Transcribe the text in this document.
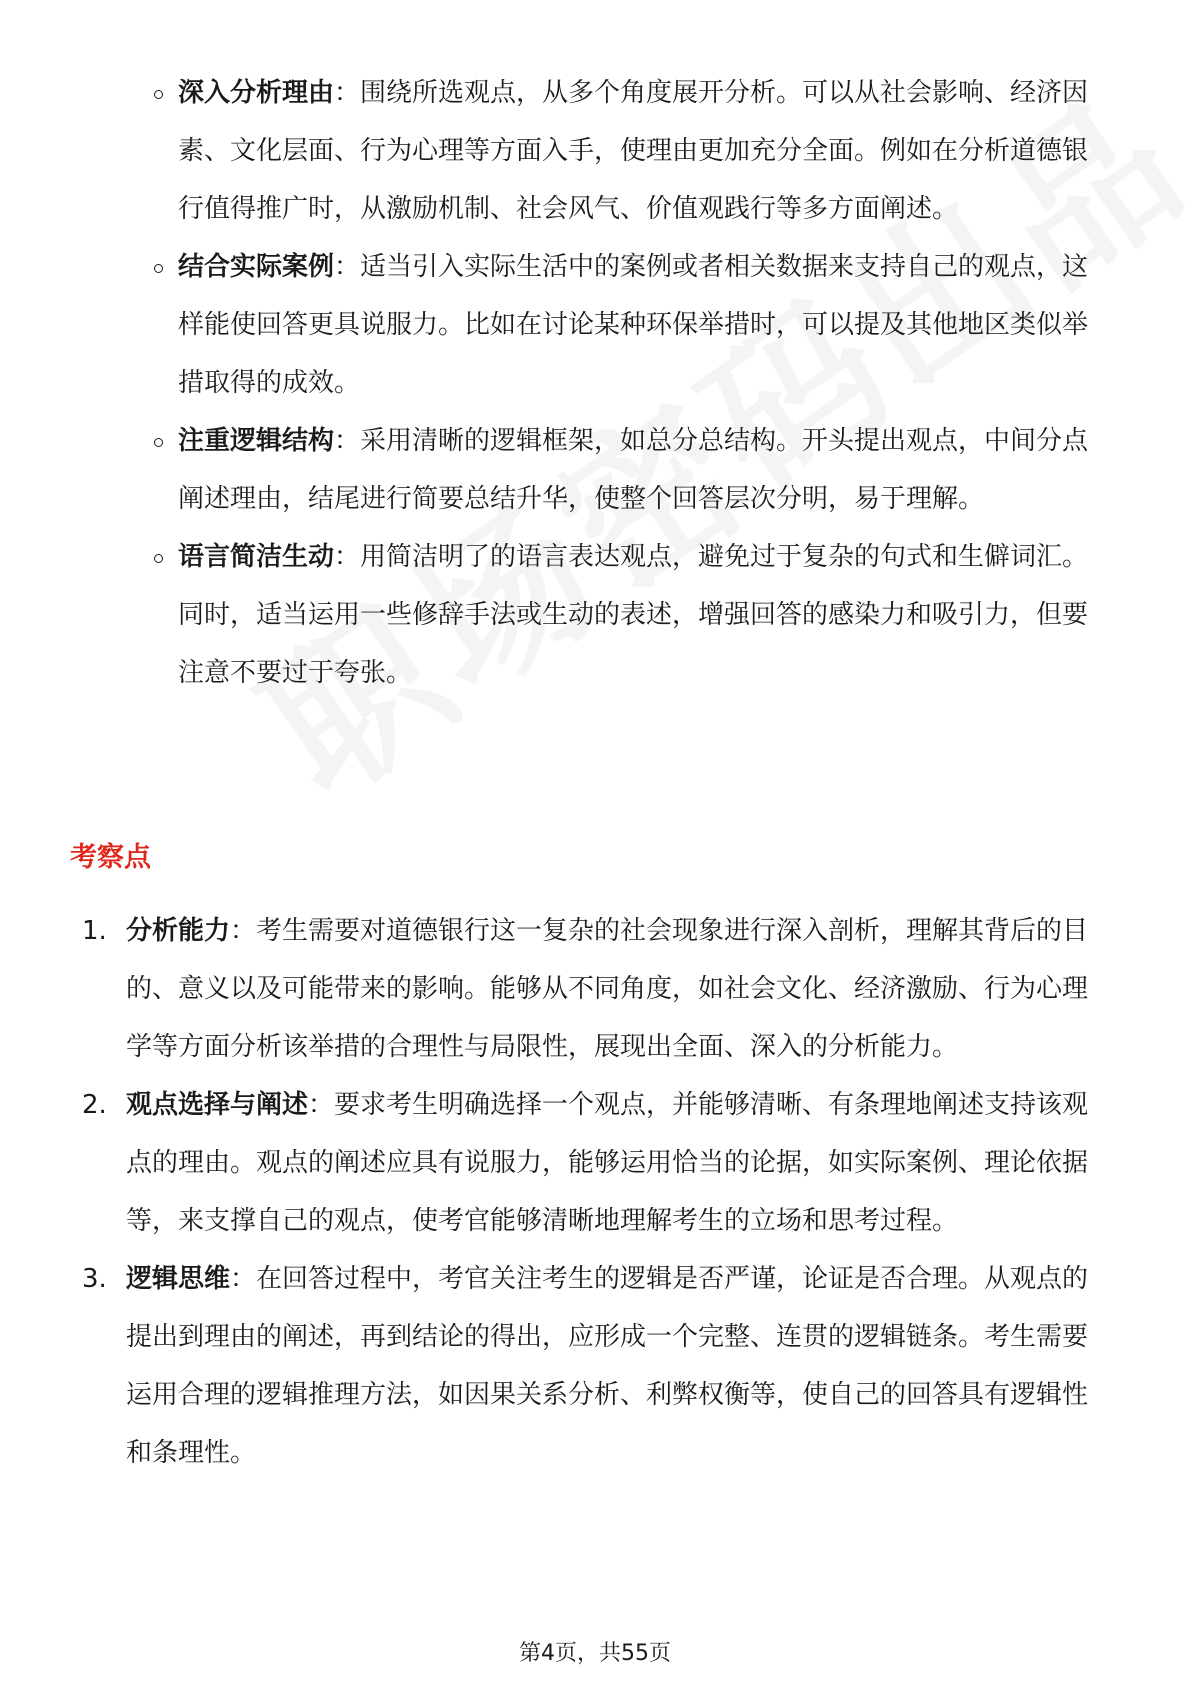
深入分析理由：围绕所选观点，从多个角度展开分析。可以从社会影响、经济因素、文化层面、行为心理等方面入手，使理由更加充分全面。例如在分析道德银行值得推广时，从激励机制、社会风气、价值观践行等多方面阐述。
结合实际案例：适当引入实际生活中的案例或者相关数据来支持自己的观点，这样能使回答更具说服力。比如在讨论某种环保举措时，可以提及其他地区类似举措取得的成效。
注重逻辑结构：采用清晰的逻辑框架，如总分总结构。开头提出观点，中间分点阐述理由，结尾进行简要总结升华，使整个回答层次分明，易于理解。
语言简洁生动：用简洁明了的语言表达观点，避免过于复杂的句式和生僻词汇。同时，适当运用一些修辞手法或生动的表述，增强回答的感染力和吸引力，但要注意不要过于夸张。
考察点
1. 分析能力：考生需要对道德银行这一复杂的社会现象进行深入剖析，理解其背后的目的、意义以及可能带来的影响。能够从不同角度，如社会文化、经济激励、行为心理学等方面分析该举措的合理性与局限性，展现出全面、深入的分析能力。
2. 观点选择与阐述：要求考生明确选择一个观点，并能够清晰、有条理地阐述支持该观点的理由。观点的阐述应具有说服力，能够运用恰当的论据，如实际案例、理论依据等，来支撑自己的观点，使考官能够清晰地理解考生的立场和思考过程。
3. 逻辑思维：在回答过程中，考官关注考生的逻辑是否严谨，论证是否合理。从观点的提出到理由的阐述，再到结论的得出，应形成一个完整、连贯的逻辑链条。考生需要运用合理的逻辑推理方法，如因果关系分析、利弊权衡等，使自己的回答具有逻辑性和条理性。
第4页，共55页
